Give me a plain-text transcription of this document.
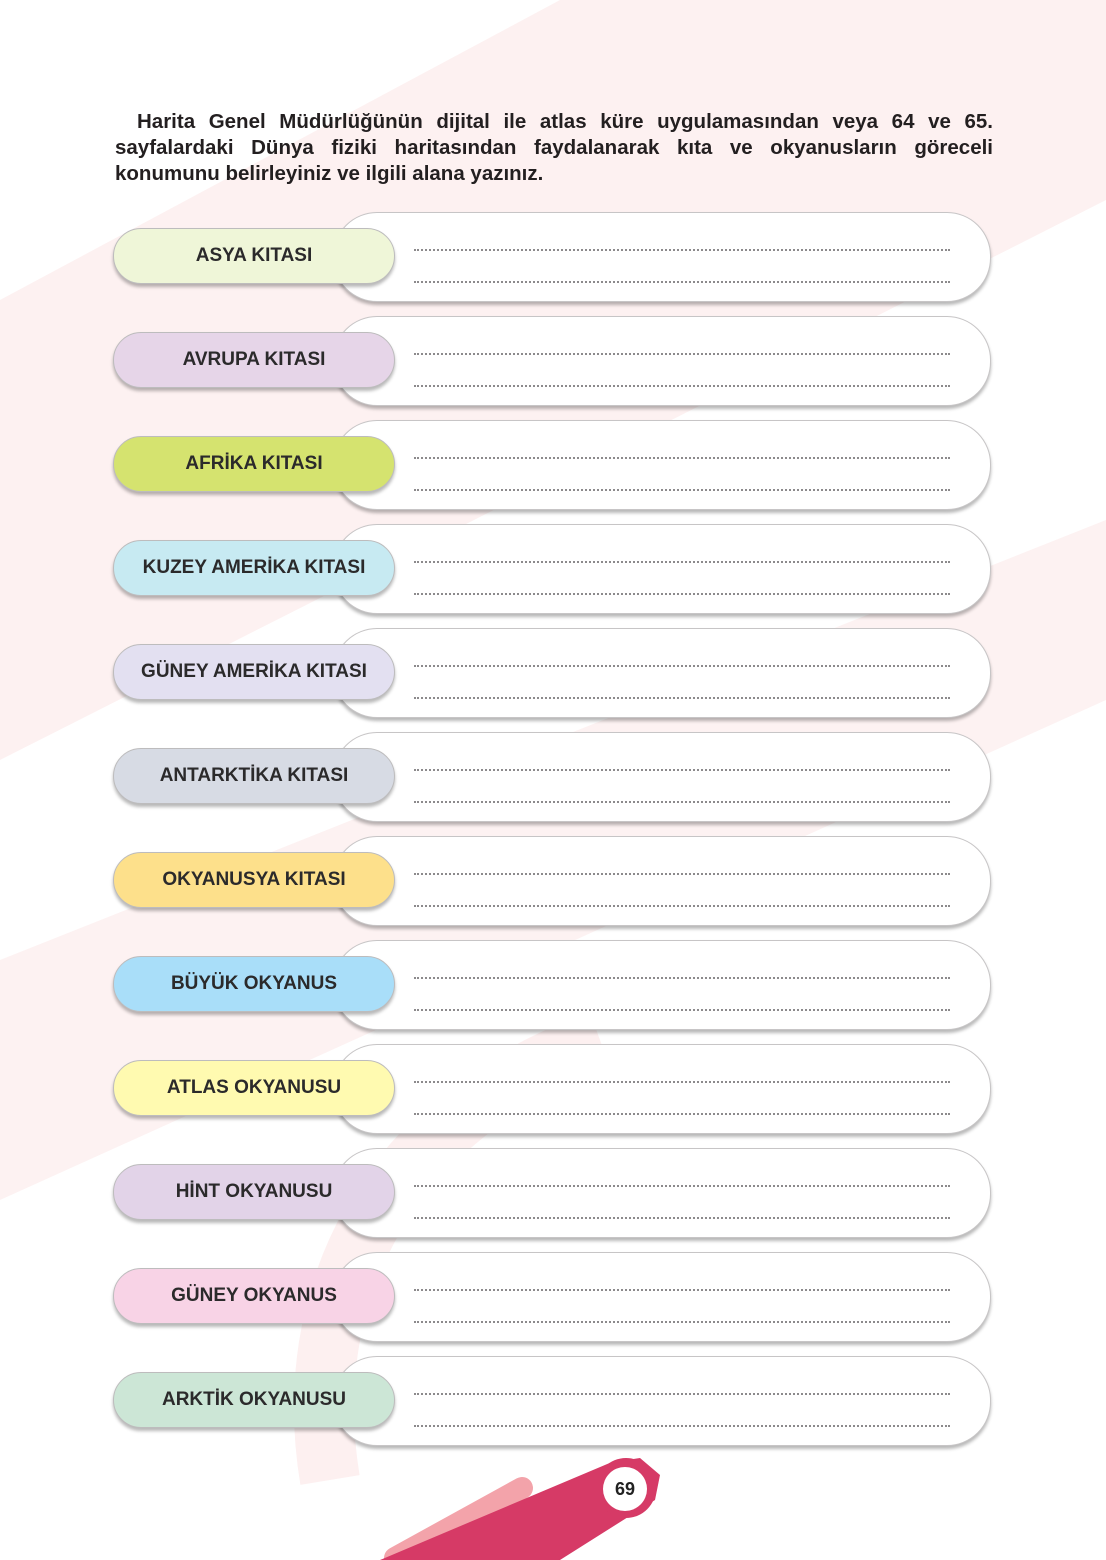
Harita Genel Müdürlüğünün dijital ile atlas küre uygulamasından veya 64 ve 65. sayfalardaki Dünya fiziki haritasından faydalanarak kıta ve okyanusların göreceli konumunu belirleyiniz ve ilgili alana yazınız.

ASYA KITASI
AVRUPA KITASI
AFRİKA KITASI
KUZEY AMERİKA KITASI
GÜNEY AMERİKA KITASI
ANTARKTİKA KITASI
OKYANUSYA KITASI
BÜYÜK OKYANUS
ATLAS OKYANUSU
HİNT OKYANUSU
GÜNEY OKYANUS
ARKTİK OKYANUSU
69
